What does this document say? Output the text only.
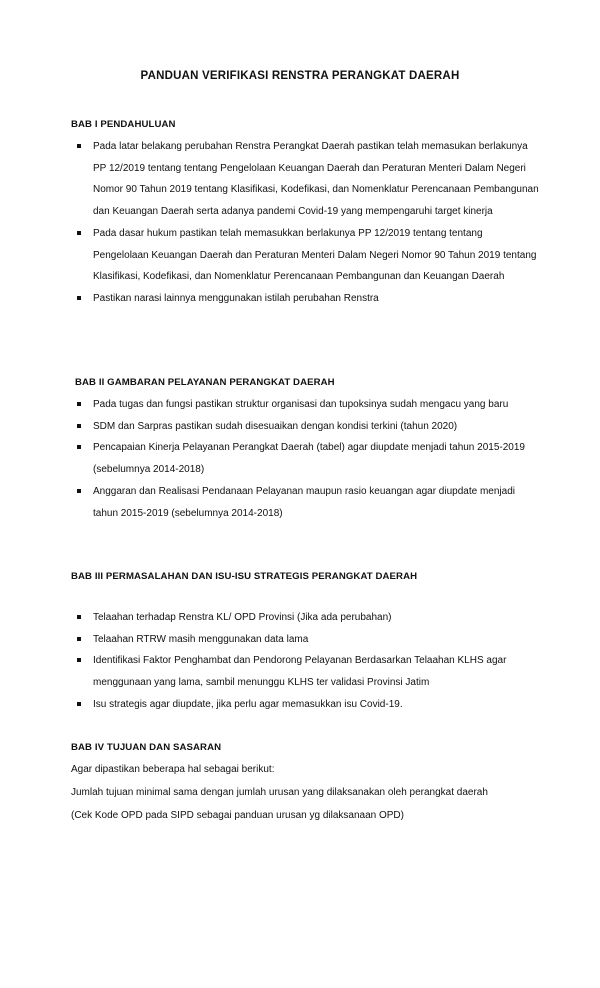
PANDUAN VERIFIKASI RENSTRA PERANGKAT DAERAH
BAB I PENDAHULUAN
Pada latar belakang perubahan Renstra Perangkat Daerah pastikan telah memasukan berlakunya PP 12/2019 tentang tentang Pengelolaan Keuangan Daerah dan Peraturan Menteri Dalam Negeri Nomor 90 Tahun 2019 tentang Klasifikasi, Kodefikasi, dan Nomenklatur Perencanaan Pembangunan dan Keuangan Daerah serta adanya pandemi Covid-19 yang mempengaruhi target kinerja
Pada dasar hukum pastikan telah memasukkan berlakunya PP 12/2019 tentang tentang Pengelolaan Keuangan Daerah dan Peraturan Menteri Dalam Negeri Nomor 90 Tahun 2019 tentang Klasifikasi, Kodefikasi, dan Nomenklatur Perencanaan Pembangunan dan Keuangan Daerah
Pastikan narasi lainnya menggunakan istilah perubahan Renstra
BAB II GAMBARAN PELAYANAN PERANGKAT DAERAH
Pada tugas dan fungsi pastikan struktur organisasi dan tupoksinya sudah mengacu yang baru
SDM dan Sarpras pastikan sudah disesuaikan dengan kondisi terkini (tahun 2020)
Pencapaian Kinerja Pelayanan Perangkat Daerah (tabel) agar diupdate menjadi tahun 2015-2019 (sebelumnya 2014-2018)
Anggaran dan Realisasi Pendanaan Pelayanan maupun rasio keuangan agar diupdate menjadi tahun 2015-2019 (sebelumnya 2014-2018)
BAB III PERMASALAHAN DAN ISU-ISU STRATEGIS PERANGKAT DAERAH
Telaahan terhadap Renstra KL/ OPD Provinsi (Jika ada perubahan)
Telaahan RTRW masih menggunakan data lama
Identifikasi Faktor Penghambat dan Pendorong Pelayanan Berdasarkan Telaahan KLHS agar menggunaan yang lama, sambil menunggu KLHS ter validasi Provinsi Jatim
Isu strategis agar diupdate, jika perlu agar memasukkan isu Covid-19.
BAB IV TUJUAN DAN SASARAN
Agar dipastikan beberapa hal sebagai berikut:
Jumlah tujuan minimal sama dengan jumlah urusan yang dilaksanakan oleh perangkat daerah
(Cek Kode OPD pada SIPD sebagai panduan urusan yg dilaksanaan OPD)
